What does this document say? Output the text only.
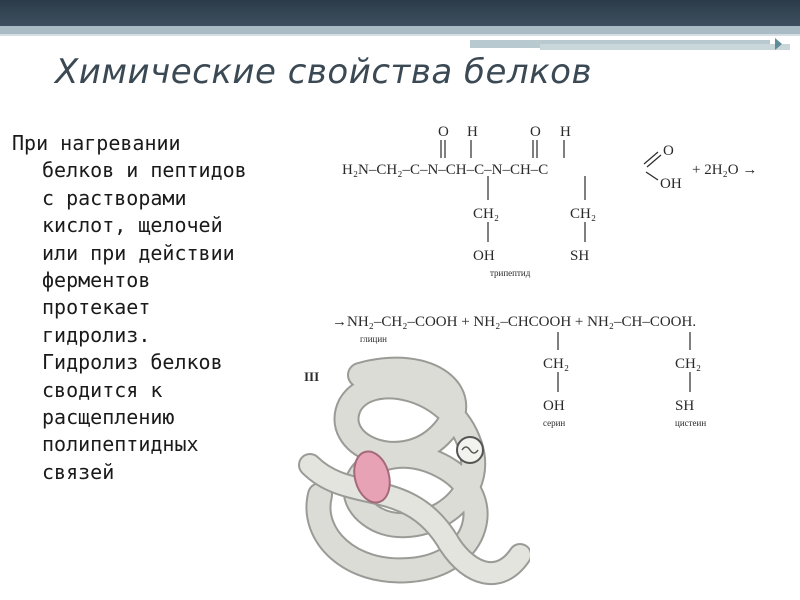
Химические свойства белков
При нагревании
белков и пептидов
с растворами
кислот, щелочей
или при действии
ферментов
протекает
гидролиз.
Гидролиз белков
сводится к
расщеплению
полипептидных
связей
O H	O H
H₂N–CH₂–C–N–CH–C–N–CH–C
O
OH
+ 2H₂O →
CH₂
OH
CH₂
SH
трипептид
→NH₂–CH₂–COOH + NH₂–CHCOOH + NH₂–CH–COOH.
глицин
CH₂
OH
серин
CH₂
SH
цистеин
III
